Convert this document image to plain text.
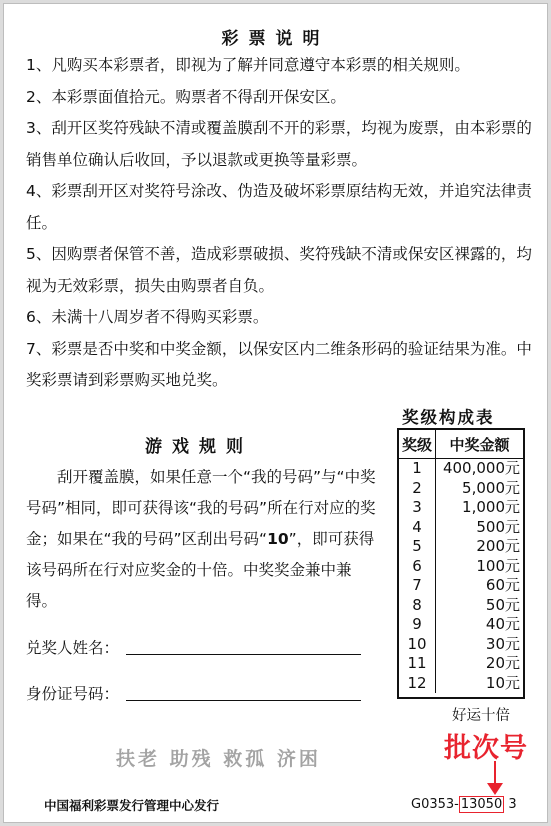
彩票说明

1、凡购买本彩票者，即视为了解并同意遵守本彩票的相关规则。

2、本彩票面值拾元。购票者不得刮开保安区。

3、刮开区奖符残缺不清或覆盖膜刮不开的彩票，均视为废票，由本彩票的销售单位确认后收回，予以退款或更换等量彩票。

4、彩票刮开区对奖符号涂改、伪造及破坏彩票原结构无效，并追究法律责任。

5、因购票者保管不善，造成彩票破损、奖符残缺不清或保安区裸露的，均视为无效彩票，损失由购票者自负。

6、未满十八周岁者不得购买彩票。

7、彩票是否中奖和中奖金额，以保安区内二维条形码的验证结果为准。中奖彩票请到彩票购买地兑奖。

游戏规则
刮开覆盖膜，如果任意一个“我的号码”与“中奖号码”相同，即可获得该“我的号码”所在行对应的奖金；如果在“我的号码”区刮出号码“10”，即可获得该号码所在行对应奖金的十倍。中奖奖金兼中兼得。
兑奖人姓名：
身份证号码：
奖级构成表
奖级	中奖金额
1	400,000元
2	5,000元
3	1,000元
4	500元
5	200元
6	100元
7	60元
8	50元
9	40元
10	30元
11	20元
12	10元
好运十倍
扶老 助残 救孤 济困	批次号
中国福利彩票发行管理中心发行	G0353- 13050 3
